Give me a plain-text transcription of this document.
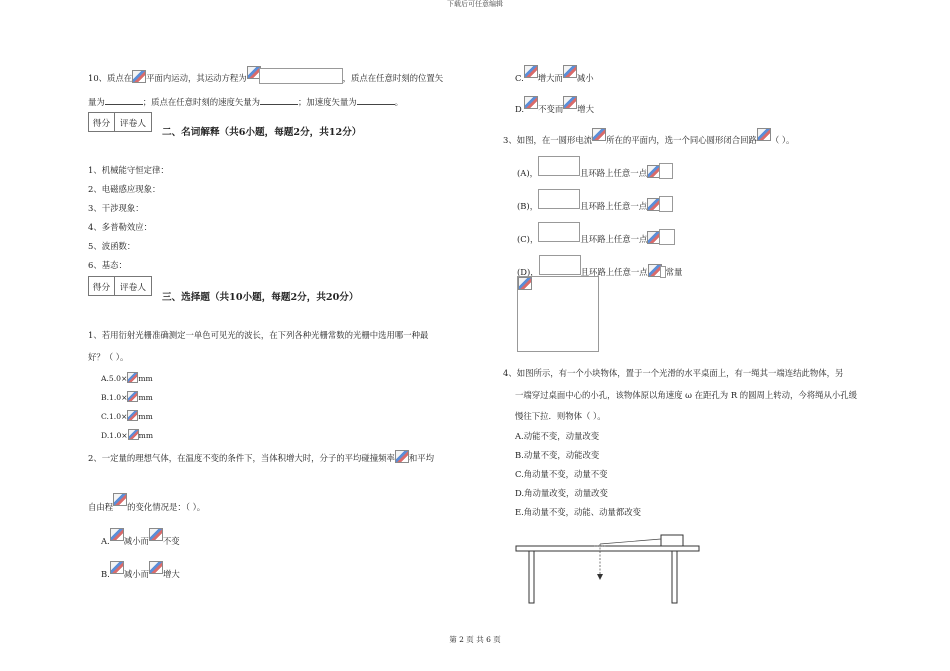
下载后可任意编辑
10、质点在 平面内运动，其运动方程为	，质点在任意时刻的位置矢
量为	；质点在任意时刻的速度矢量为	；加速度矢量为	。
得分	评卷人
二、名词解释（共6小题，每题2分，共12分）
1、机械能守恒定律：
2、电磁感应现象：
3、干涉现象：
4、多普勒效应：
5、波函数：
6、基态：
得分	评卷人
三、选择题（共10小题，每题2分，共20分）
1、若用衍射光栅准确测定一单色可见光的波长，在下列各种光栅常数的光栅中选用哪一种最
好？（ ）。
A.5.0× mm
B.1.0× mm
C.1.0× mm
D.1.0× mm
2、一定量的理想气体，在温度不变的条件下，当体积增大时，分子的平均碰撞频率 和平均
自由程 的变化情况是：（ ）。
A. 减小而 不变
B. 减小而 增大
C. 增大而 减小
D. 不变而 增大
3、如图，在一圆形电流 所在的平面内，选一个同心圆形闭合回路 （ ）。
(A)，	且环路上任意一点
(B)，	且环路上任意一点
(C)，	且环路上任意一点
(D)，	且环路上任意一点 常量
4、如图所示，有一个小块物体，置于一个光滑的水平桌面上，有一绳其一端连结此物体，另
一端穿过桌面中心的小孔，该物体原以角速度 ω 在距孔为 R 的圆周上转动，今将绳从小孔缓
慢往下拉．则物体（ ）。
A.动能不变，动量改变
B.动量不变，动能改变
C.角动量不变，动量不变
D.角动量改变，动量改变
E.角动量不变，动能、动量都改变
第 2 页 共 6 页
